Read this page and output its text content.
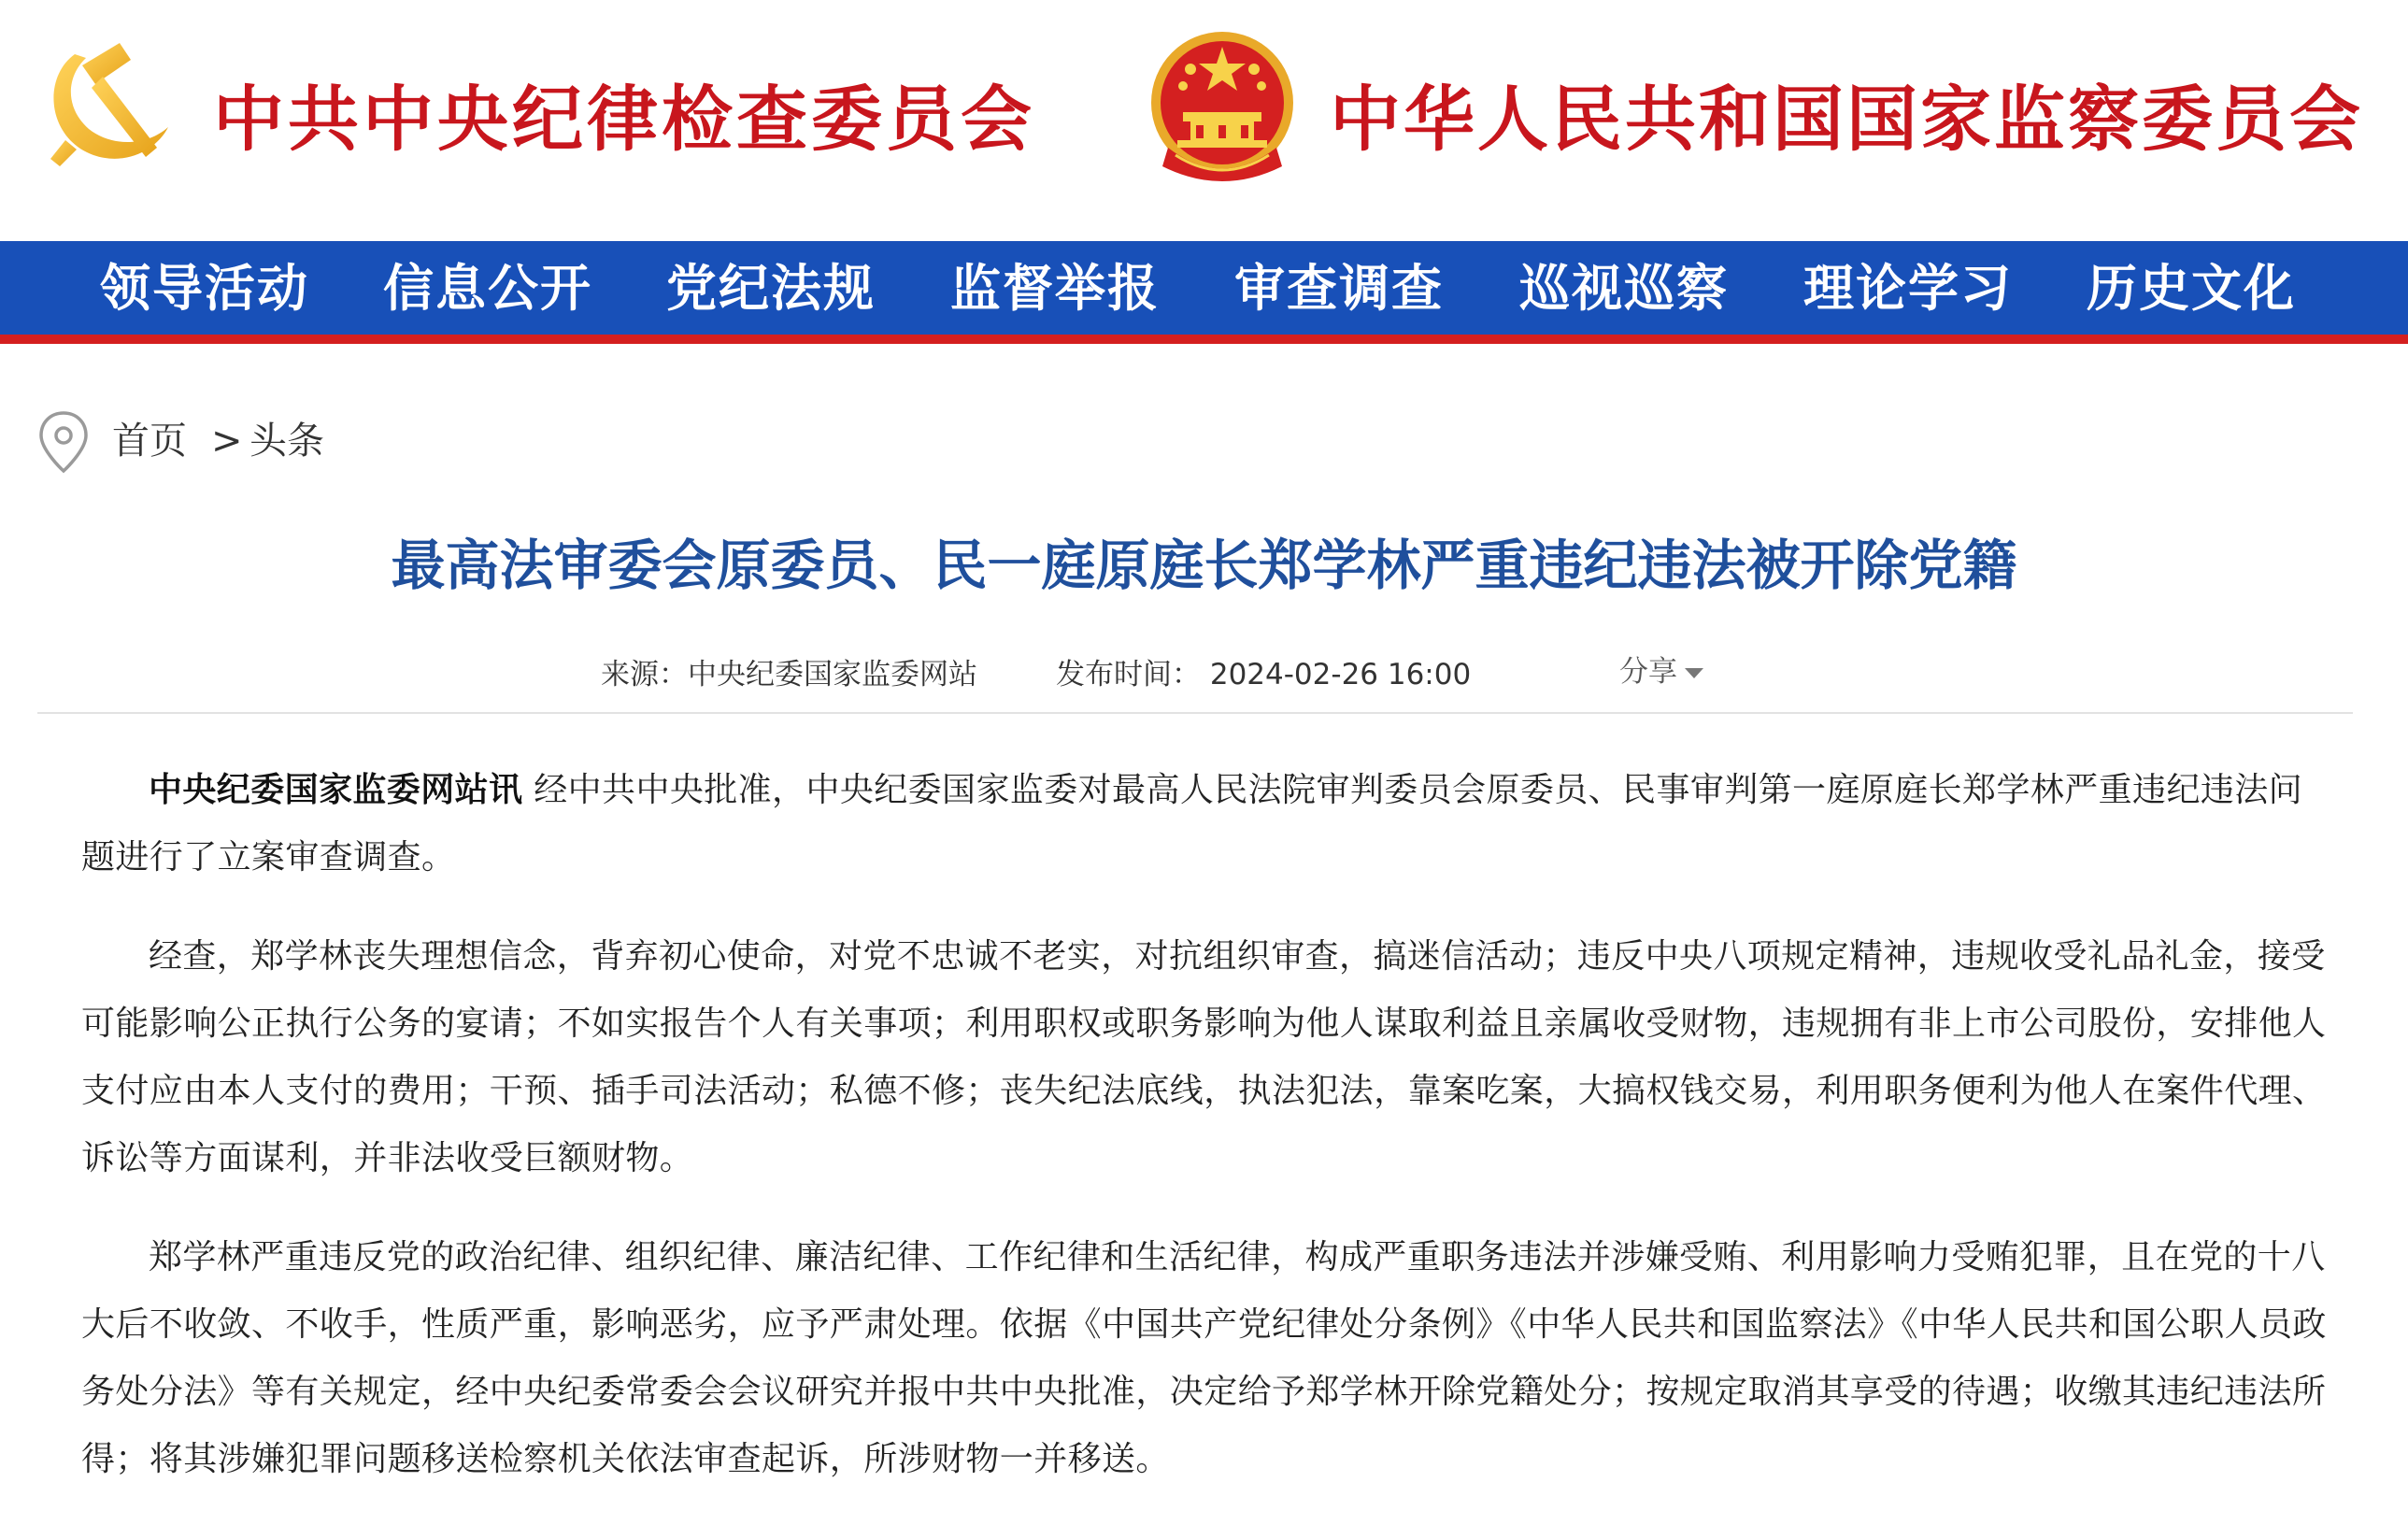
中共中央纪律检查委员会	中华人民共和国国家监察委员会
领导活动 信息公开 党纪法规 监督举报 审查调查 巡视巡察 理论学习 历史文化
首页 > 头条
最高法审委会原委员、民一庭原庭长郑学林严重违纪违法被开除党籍
来源：中央纪委国家监委网站	发布时间： 2024-02-26 16:00	分享

中央纪委国家监委网站讯 经中共中央批准，中央纪委国家监委对最高人民法院审判委员会原委员、民事审判第一庭原庭长郑学林严重违纪违法问题进行了立案审查调查。

经查，郑学林丧失理想信念，背弃初心使命，对党不忠诚不老实，对抗组织审查，搞迷信活动；违反中央八项规定精神，违规收受礼品礼金，接受可能影响公正执行公务的宴请；不如实报告个人有关事项；利用职权或职务影响为他人谋取利益且亲属收受财物，违规拥有非上市公司股份，安排他人支付应由本人支付的费用；干预、插手司法活动；私德不修；丧失纪法底线，执法犯法，靠案吃案，大搞权钱交易，利用职务便利为他人在案件代理、诉讼等方面谋利，并非法收受巨额财物。

郑学林严重违反党的政治纪律、组织纪律、廉洁纪律、工作纪律和生活纪律，构成严重职务违法并涉嫌受贿、利用影响力受贿犯罪，且在党的十八大后不收敛、不收手，性质严重，影响恶劣，应予严肃处理。依据《中国共产党纪律处分条例》《中华人民共和国监察法》《中华人民共和国公职人员政务处分法》等有关规定，经中央纪委常委会会议研究并报中共中央批准，决定给予郑学林开除党籍处分；按规定取消其享受的待遇；收缴其违纪违法所得；将其涉嫌犯罪问题移送检察机关依法审查起诉，所涉财物一并移送。
